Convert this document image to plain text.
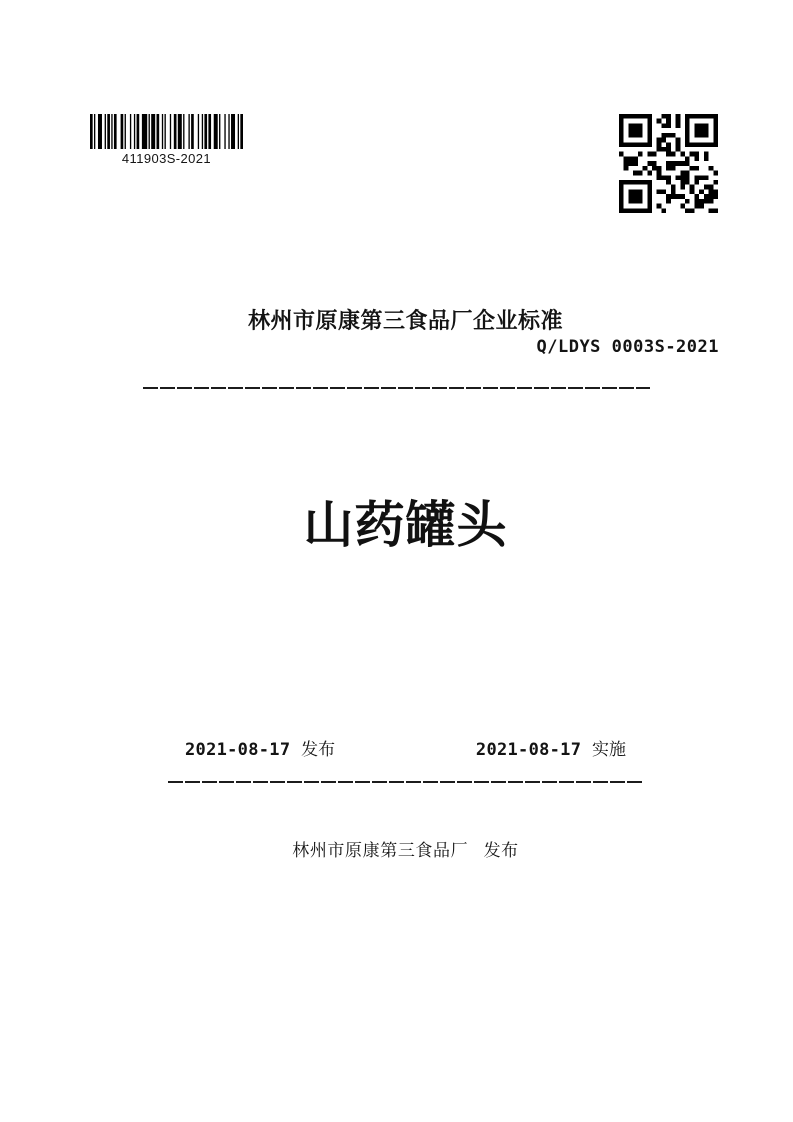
411903S-2021
林州市原康第三食品厂企业标准
Q/LDYS 0003S-2021
山药罐头
2021-08-17 发布	2021-08-17 实施
林州市原康第三食品厂 发布
